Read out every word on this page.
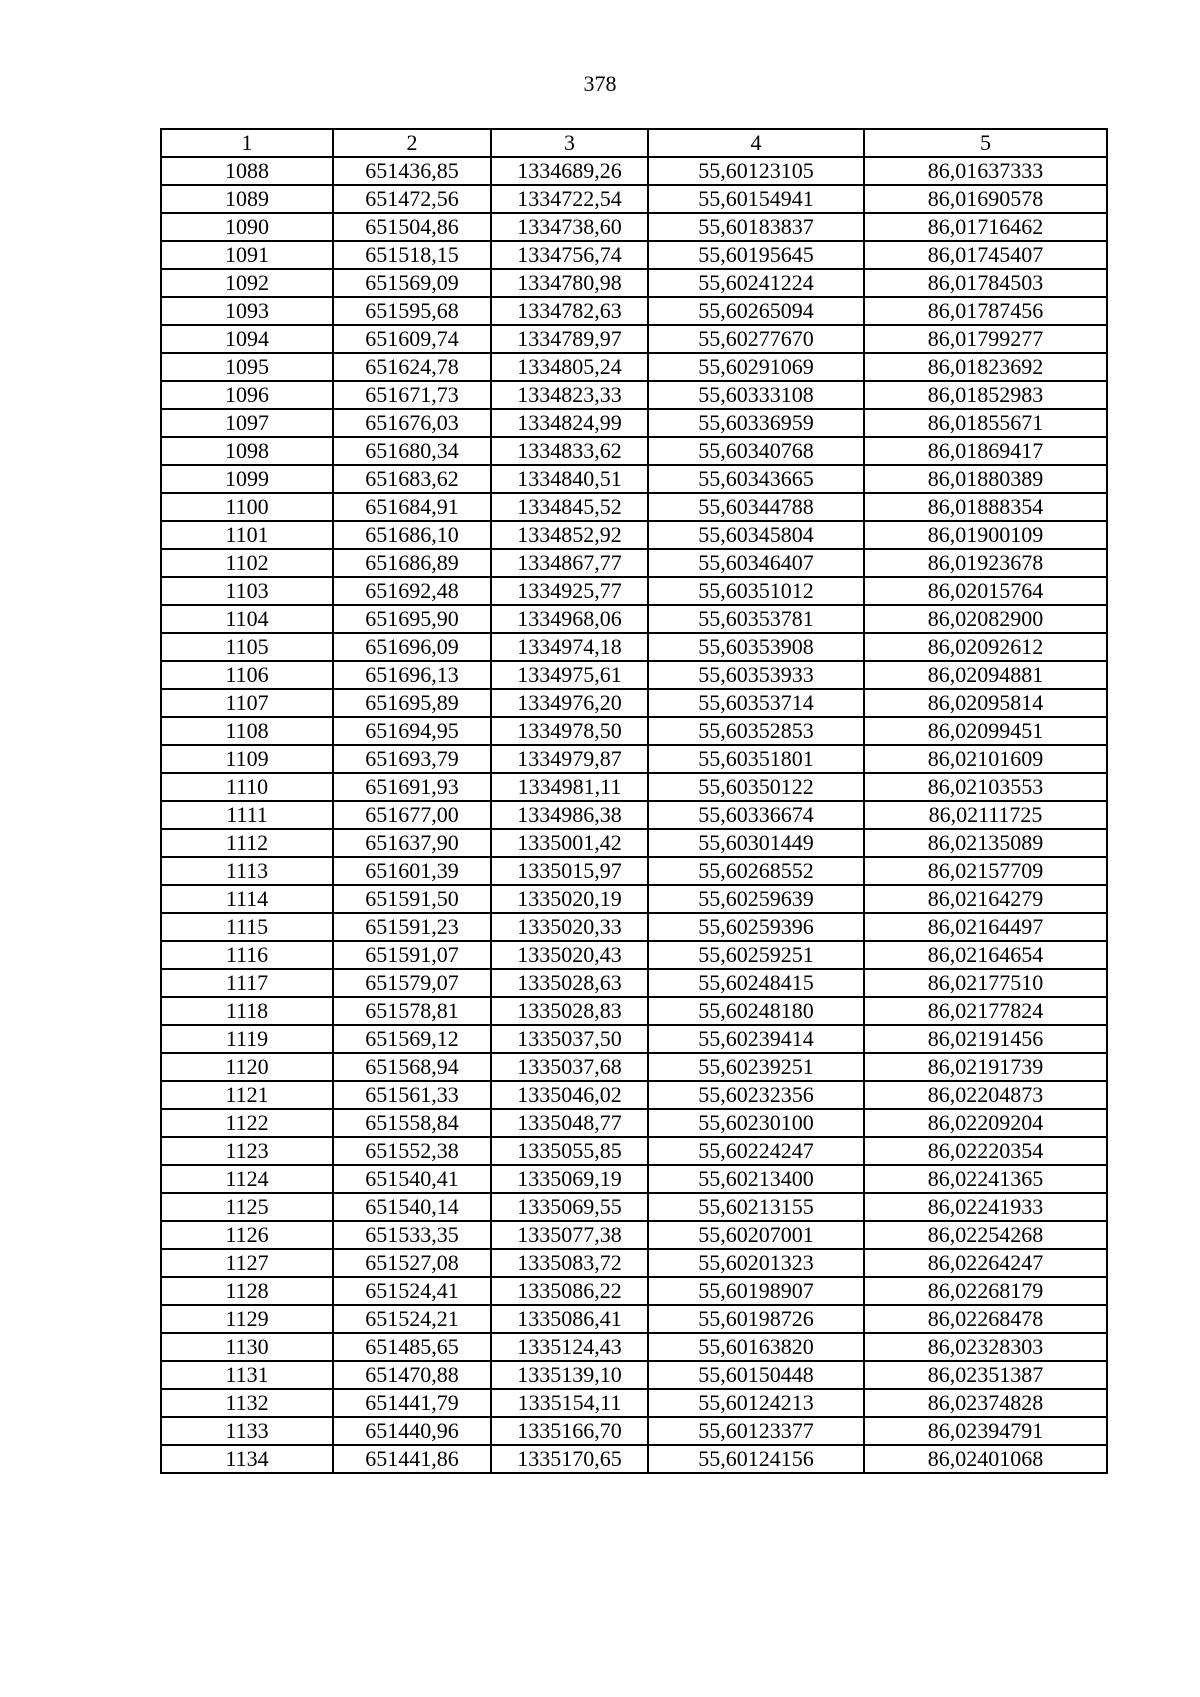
378
1	2	3	4	5
1088	651436,85	1334689,26	55,60123105	86,01637333
1089	651472,56	1334722,54	55,60154941	86,01690578
1090	651504,86	1334738,60	55,60183837	86,01716462
1091	651518,15	1334756,74	55,60195645	86,01745407
1092	651569,09	1334780,98	55,60241224	86,01784503
1093	651595,68	1334782,63	55,60265094	86,01787456
1094	651609,74	1334789,97	55,60277670	86,01799277
1095	651624,78	1334805,24	55,60291069	86,01823692
1096	651671,73	1334823,33	55,60333108	86,01852983
1097	651676,03	1334824,99	55,60336959	86,01855671
1098	651680,34	1334833,62	55,60340768	86,01869417
1099	651683,62	1334840,51	55,60343665	86,01880389
1100	651684,91	1334845,52	55,60344788	86,01888354
1101	651686,10	1334852,92	55,60345804	86,01900109
1102	651686,89	1334867,77	55,60346407	86,01923678
1103	651692,48	1334925,77	55,60351012	86,02015764
1104	651695,90	1334968,06	55,60353781	86,02082900
1105	651696,09	1334974,18	55,60353908	86,02092612
1106	651696,13	1334975,61	55,60353933	86,02094881
1107	651695,89	1334976,20	55,60353714	86,02095814
1108	651694,95	1334978,50	55,60352853	86,02099451
1109	651693,79	1334979,87	55,60351801	86,02101609
1110	651691,93	1334981,11	55,60350122	86,02103553
1111	651677,00	1334986,38	55,60336674	86,02111725
1112	651637,90	1335001,42	55,60301449	86,02135089
1113	651601,39	1335015,97	55,60268552	86,02157709
1114	651591,50	1335020,19	55,60259639	86,02164279
1115	651591,23	1335020,33	55,60259396	86,02164497
1116	651591,07	1335020,43	55,60259251	86,02164654
1117	651579,07	1335028,63	55,60248415	86,02177510
1118	651578,81	1335028,83	55,60248180	86,02177824
1119	651569,12	1335037,50	55,60239414	86,02191456
1120	651568,94	1335037,68	55,60239251	86,02191739
1121	651561,33	1335046,02	55,60232356	86,02204873
1122	651558,84	1335048,77	55,60230100	86,02209204
1123	651552,38	1335055,85	55,60224247	86,02220354
1124	651540,41	1335069,19	55,60213400	86,02241365
1125	651540,14	1335069,55	55,60213155	86,02241933
1126	651533,35	1335077,38	55,60207001	86,02254268
1127	651527,08	1335083,72	55,60201323	86,02264247
1128	651524,41	1335086,22	55,60198907	86,02268179
1129	651524,21	1335086,41	55,60198726	86,02268478
1130	651485,65	1335124,43	55,60163820	86,02328303
1131	651470,88	1335139,10	55,60150448	86,02351387
1132	651441,79	1335154,11	55,60124213	86,02374828
1133	651440,96	1335166,70	55,60123377	86,02394791
1134	651441,86	1335170,65	55,60124156	86,02401068
